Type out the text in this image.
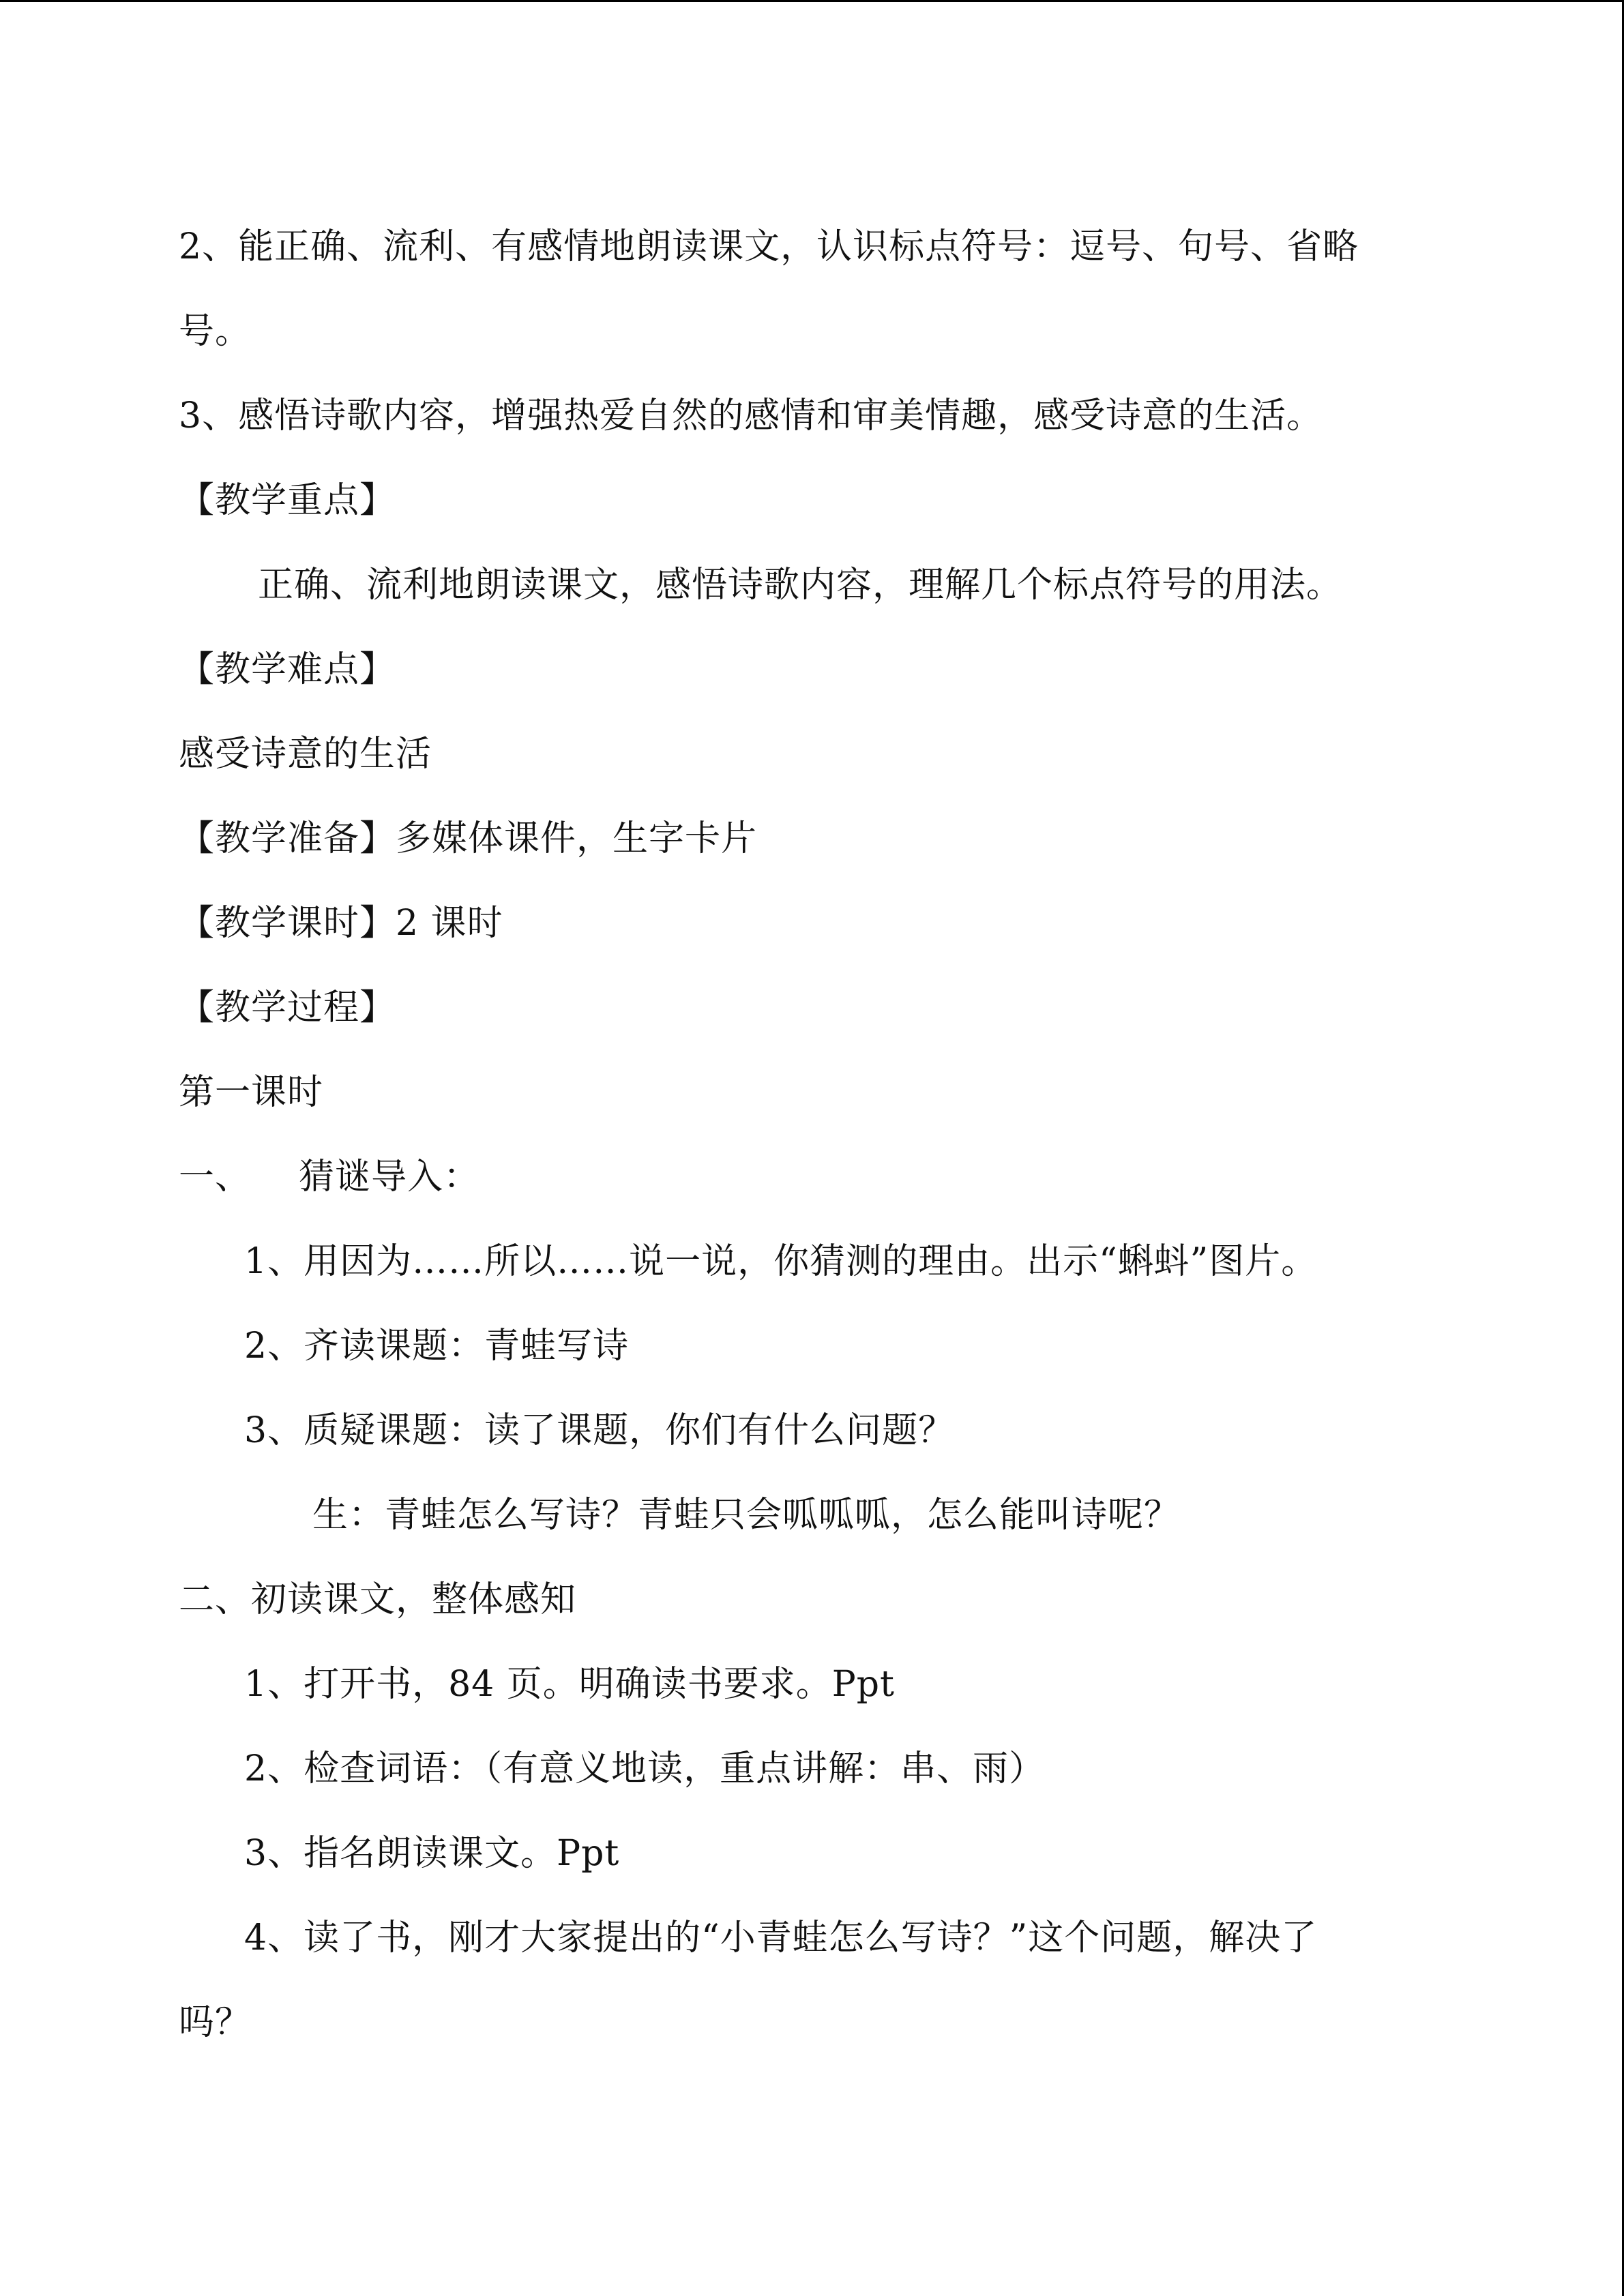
2、能正确、流利、有感情地朗读课文，认识标点符号：逗号、句号、省略
号。
3、感悟诗歌内容，增强热爱自然的感情和审美情趣，感受诗意的生活。
【教学重点】
正确、流利地朗读课文，感悟诗歌内容，理解几个标点符号的用法。
【教学难点】
感受诗意的生活
【教学准备】多媒体课件，生字卡片
【教学课时】2 课时
【教学过程】
第一课时
一、    猜谜导入：
1、用因为……所以……说一说，你猜测的理由。出示“蝌蚪”图片。
2、齐读课题：青蛙写诗
3、质疑课题：读了课题，你们有什么问题？
生：青蛙怎么写诗？青蛙只会呱呱呱，怎么能叫诗呢？
二、初读课文，整体感知
1、打开书，84 页。明确读书要求。Ppt
2、检查词语：（有意义地读，重点讲解：串、雨）
3、指名朗读课文。Ppt
4、读了书，刚才大家提出的“小青蛙怎么写诗？”这个问题，解决了
吗？
